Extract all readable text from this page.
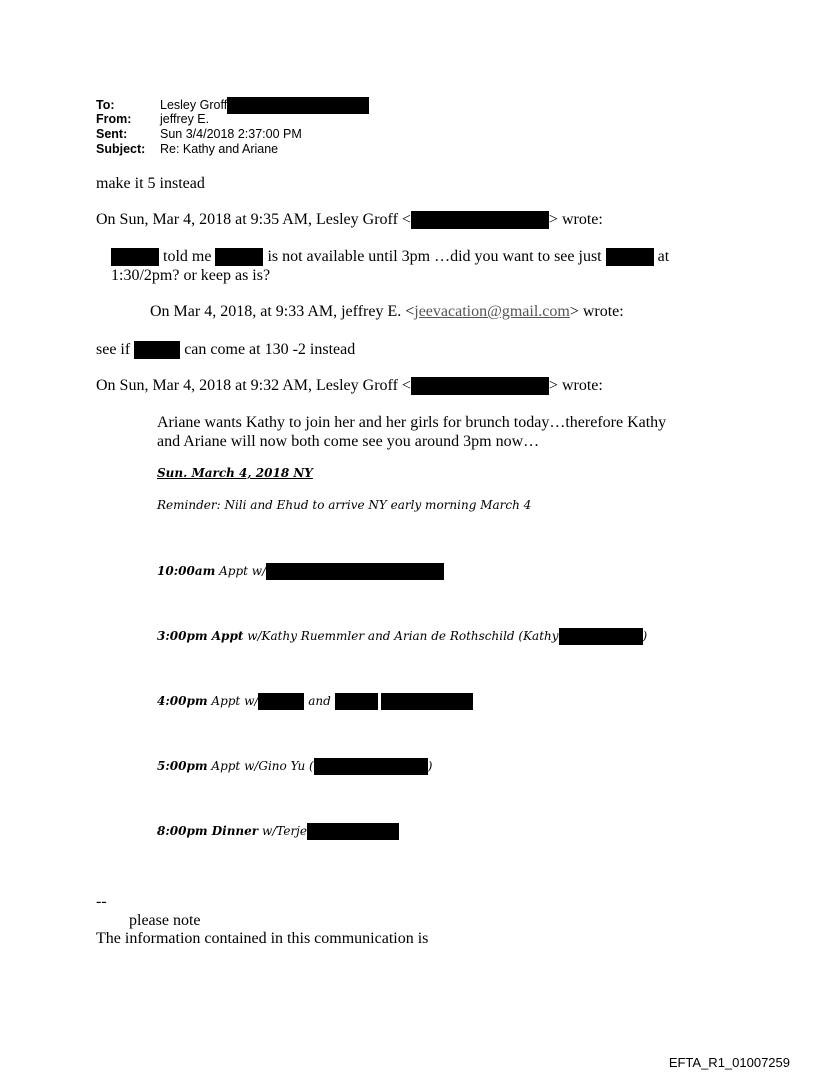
To:	Lesley Groff
From: jeffrey E.
Sent:	Sun 3/4/2018 2:37:00 PM
Subject: Re: Kathy and Ariane
make it 5 instead
On Sun, Mar 4, 2018 at 9:35 AM, Lesley Groff <	> wrote:
told me	is not available until 3pm …did you want to see just	at
1:30/2pm? or keep as is?
On Mar 4, 2018, at 9:33 AM, jeffrey E. <jeevacation@gmail.com> wrote:
see if	can come at 130 -2 instead
On Sun, Mar 4, 2018 at 9:32 AM, Lesley Groff <	> wrote:
Ariane wants Kathy to join her and her girls for brunch today…therefore Kathy
and Ariane will now both come see you around 3pm now…
Sun. March 4, 2018 NY
Reminder: Nili and Ehud to arrive NY early morning March 4
10:00am Appt w/
3:00pm Appt w/Kathy Ruemmler and Arian de Rothschild (Kathy	)
4:00pm Appt w/	and
5:00pm Appt w/Gino Yu (	)
8:00pm Dinner w/Terje
--
please note
The information contained in this communication is
EFTA_R1_01007259
